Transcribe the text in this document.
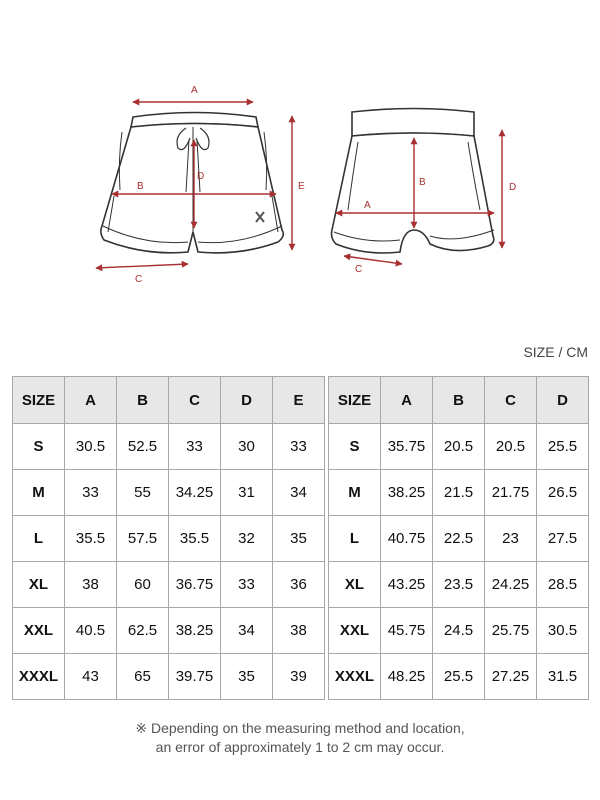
A
B
D
E
C
B
A
D
C
SIZE / CM
SIZE	A	B	C	D	E
S	30.5	52.5	33	30	33
M	33	55	34.25	31	34
L	35.5	57.5	35.5	32	35
XL	38	60	36.75	33	36
XXL	40.5	62.5	38.25	34	38
XXXL	43	65	39.75	35	39
SIZE	A	B	C	D
S	35.75	20.5	20.5	25.5
M	38.25	21.5	21.75	26.5
L	40.75	22.5	23	27.5
XL	43.25	23.5	24.25	28.5
XXL	45.75	24.5	25.75	30.5
XXXL	48.25	25.5	27.25	31.5
※ Depending on the measuring method and location,
an error of approximately 1 to 2 cm may occur.
